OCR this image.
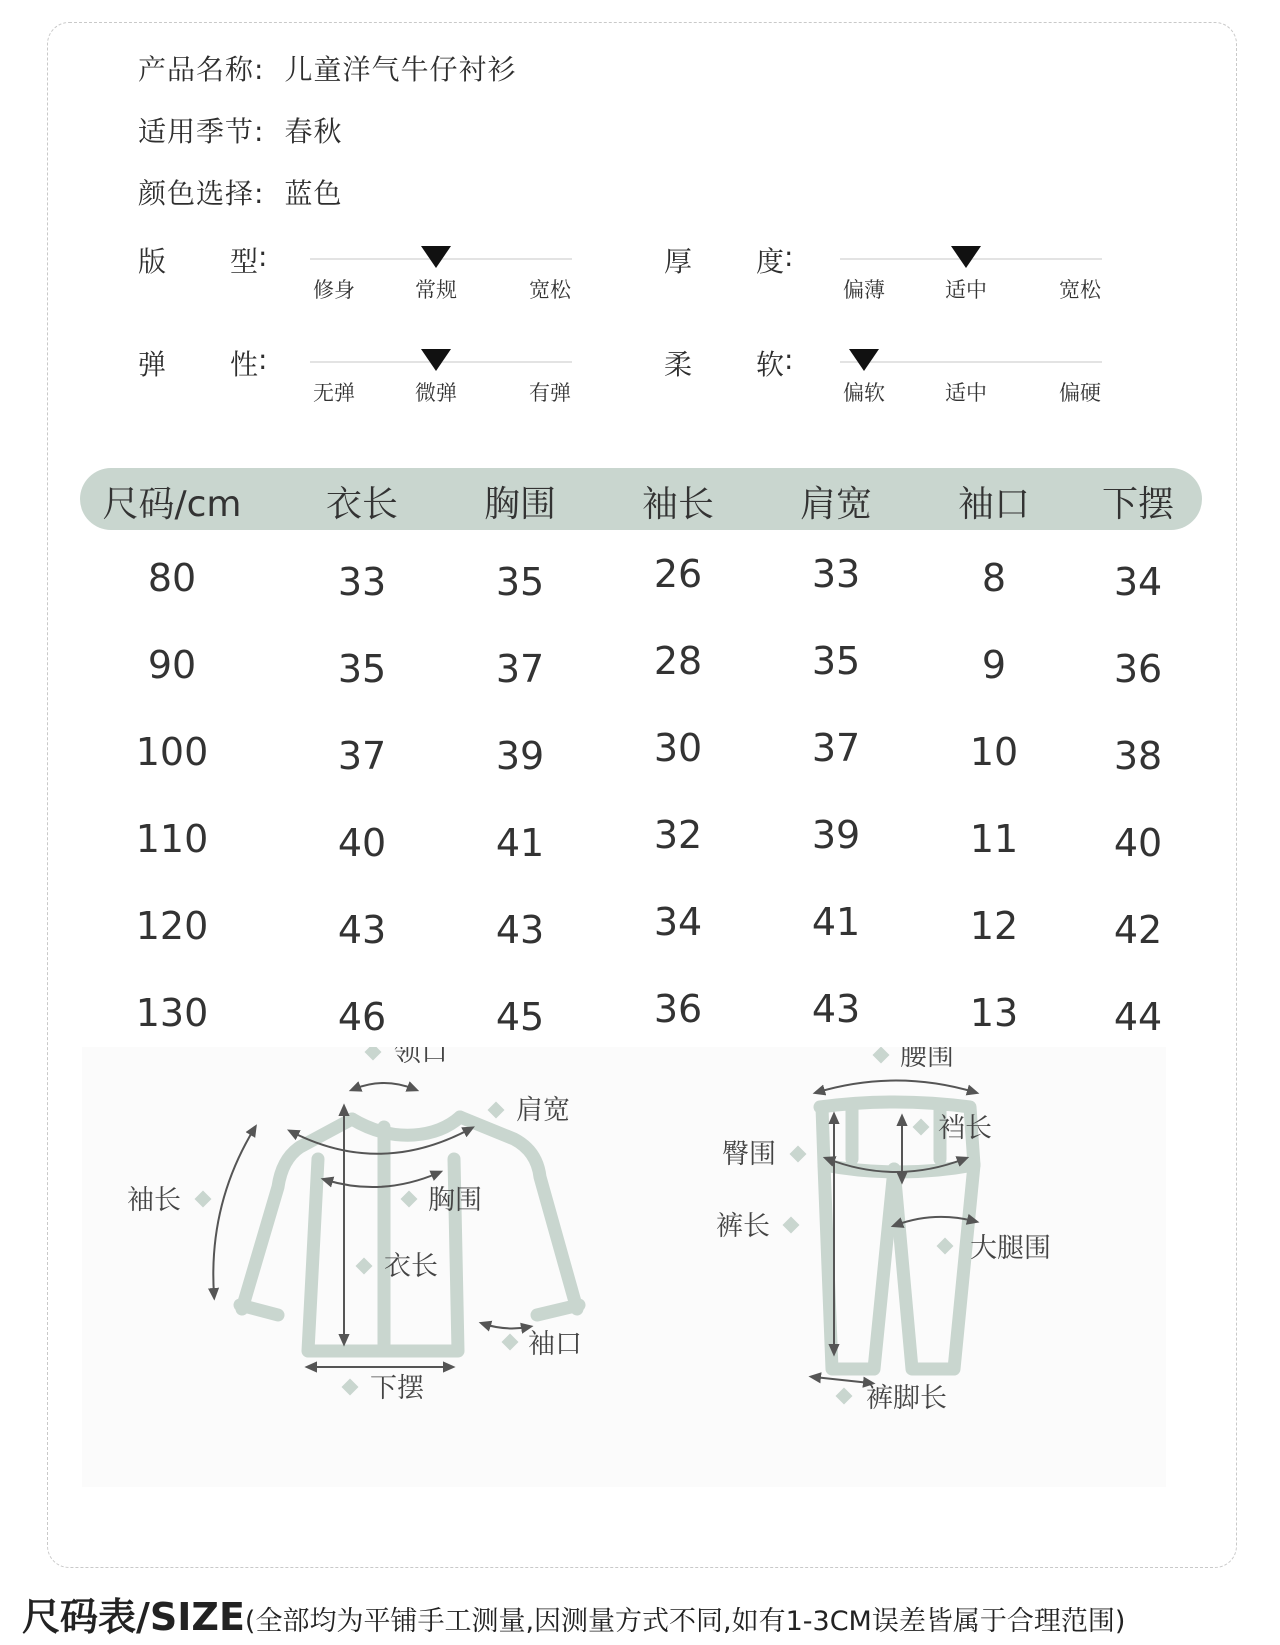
产品名称: 儿童洋气牛仔衬衫
适用季节: 春秋
颜色选择: 蓝色
版 型 :	厚 度 :
弹 性 :	柔 软 :
修身	常规	宽松	偏薄	适中	宽松
无弹	微弹	有弹	偏软	适中	偏硬
尺码/cm 衣长 胸围 袖长 肩宽 袖口 下摆
80	33	35	26	33	8	34
90	35	37	28	35	9	36
100	37	39	30	37	10	38
110	40	41	32	39	11	40
120	43	43	34	41	12	42
130	46	45	36	43	13	44
领口
肩宽
袖长	胸围
衣长
袖口
下摆
腰围
裆长
臀围
裤长
大腿围
裤脚长
尺码表/SIZE(全部均为平铺手工测量,因测量方式不同,如有1-3CM误差皆属于合理范围)
